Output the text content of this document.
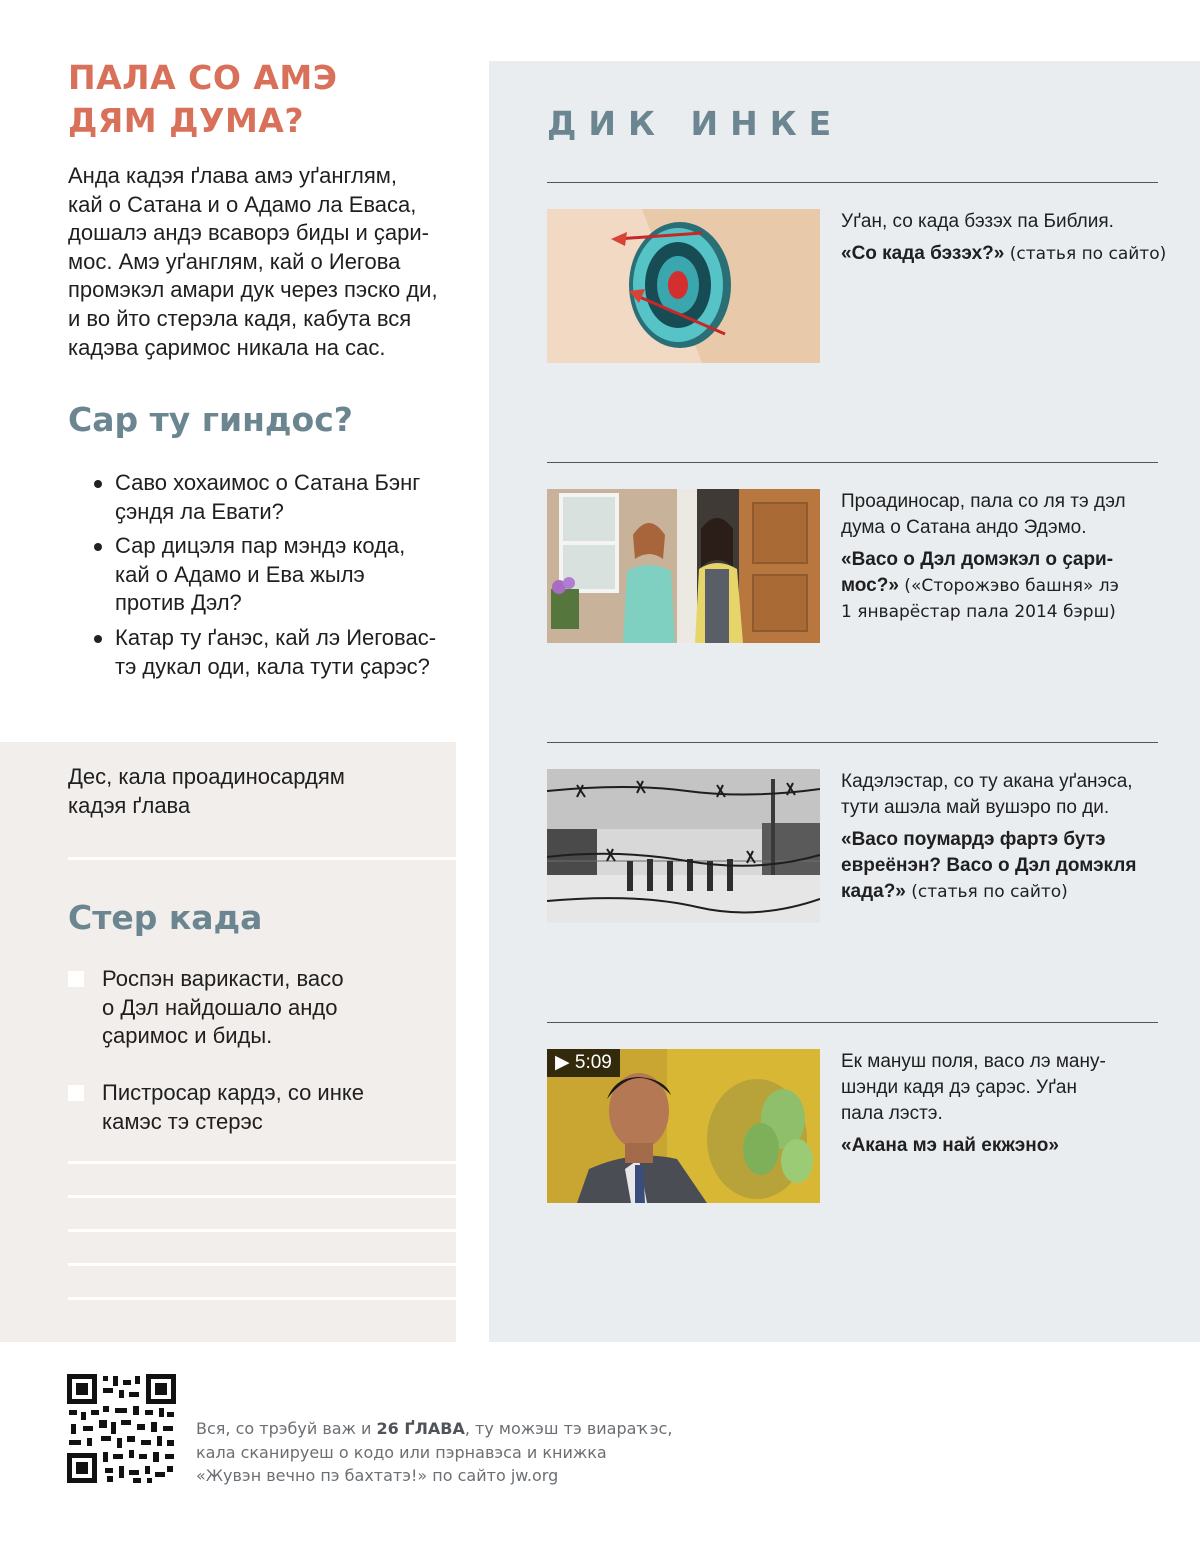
ПАЛА СО АМЭ
ДЯМ ДУМА?
Анда кадэя ґлава амэ уґанглям,
кай о Сатана и о Адамо ла Еваса,
дошалэ андэ всаворэ биды и ҫари-
мос. Амэ уґанглям, кай о Иегова
промэкэл амари дук через пэско ди,
и во йто стерэла кадя, кабута вся
кадэва ҫаримос никала на сас.
Сар ту гиндос?
Саво хохаимос о Сатана Бэнг
ҫэндя ла Евати?
Сар дицэля пар мэндэ кода,
кай о Адамо и Ева жылэ
против Дэл?
Катар ту ґанэс, кай лэ Иеговас-
тэ дукал оди, кала тути ҫарэс?
Дес, кала проадиносардям
кадэя ґлава
Стер када
Роспэн варикасти, васо
о Дэл найдошало андо
ҫаримос и биды.
Пистросар кардэ, со инке
камэс тэ стерэс
ДИК ИНКЕ
Уґан, со када бэзэх па Библия.
«Со када бэзэх?» (статья по сайто)
Проадиносар, пала со ля тэ дэл
дума о Сатана андо Эдэмо.
«Васо о Дэл домэкэл о ҫари-
мос?» («Сторожэво башня» лэ
1 январёстар пала 2014 бэрш)
Кадэлэстар, со ту акана уґанэса,
тути ашэла май вушэро по ди.
«Васо поумардэ фартэ бутэ
евреёнэн? Васо о Дэл домэкля
када?» (статья по сайто)
▶ 5:09	Ек мануш поля, васо лэ ману-
шэнди кадя дэ ҫарэс. Уґан
пала лэстэ.
«Акана мэ най екжэно»
Вся, со трэбуй важ и 26 ҐЛАВА, ту можэш тэ виараҡэс,
кала сканируеш о кодо или пэрнавэса и книжка
«Жувэн вечно пэ бахтатэ!» по сайто jw.org
